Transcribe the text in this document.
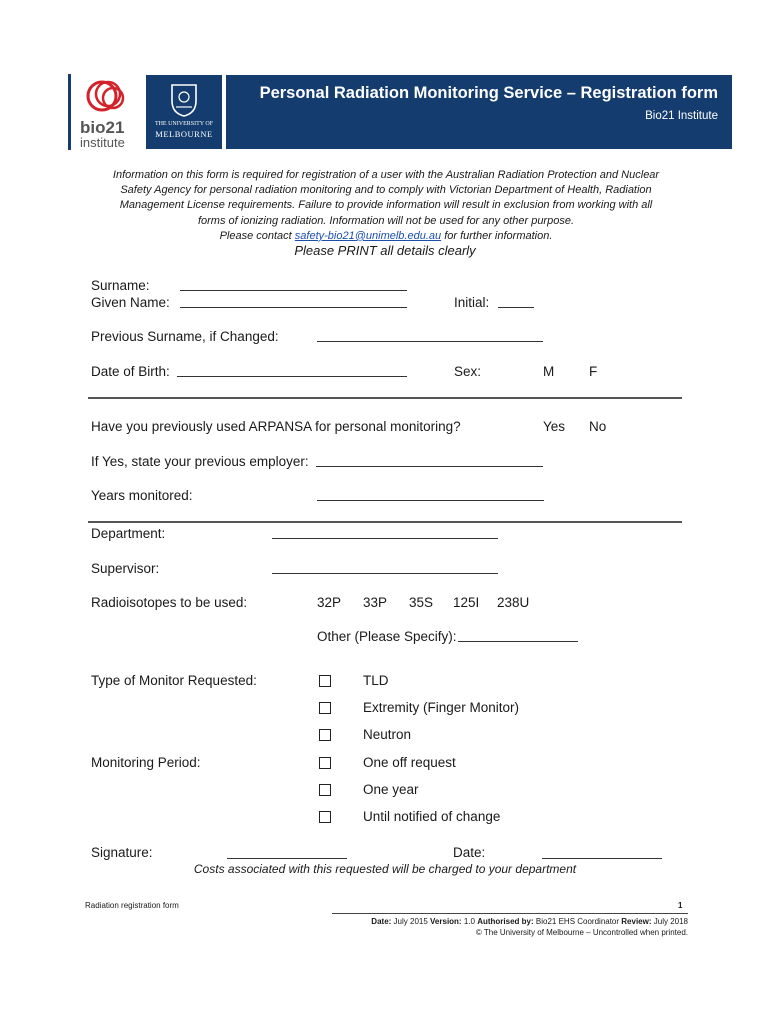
bio21
institute
THE UNIVERSITY OF
MELBOURNE
Personal Radiation Monitoring Service – Registration form
Bio21 Institute
Information on this form is required for registration of a user with the Australian Radiation Protection and Nuclear
Safety Agency for personal radiation monitoring and to comply with Victorian Department of Health, Radiation
Management License requirements. Failure to provide information will result in exclusion from working with all
forms of ionizing radiation. Information will not be used for any other purpose.
Please contact safety-bio21@unimelb.edu.au for further information.
Please PRINT all details clearly
Surname:
Given Name:	Initial:
Previous Surname, if Changed:
Date of Birth:	Sex:	M	F
Have you previously used ARPANSA for personal monitoring?	Yes No
If Yes, state your previous employer:
Years monitored:
Department:
Supervisor:
Radioisotopes to be used:	32P 33P 35S 125I 238U
Other (Please Specify):
Type of Monitor Requested:	TLD
Extremity (Finger Monitor)
Neutron
Monitoring Period:	One off request
One year
Until notified of change
Signature:	Date:
Costs associated with this requested will be charged to your department
Radiation registration form	1
Date: July 2015 Version: 1.0 Authorised by: Bio21 EHS Coordinator Review: July 2018
© The University of Melbourne – Uncontrolled when printed.
